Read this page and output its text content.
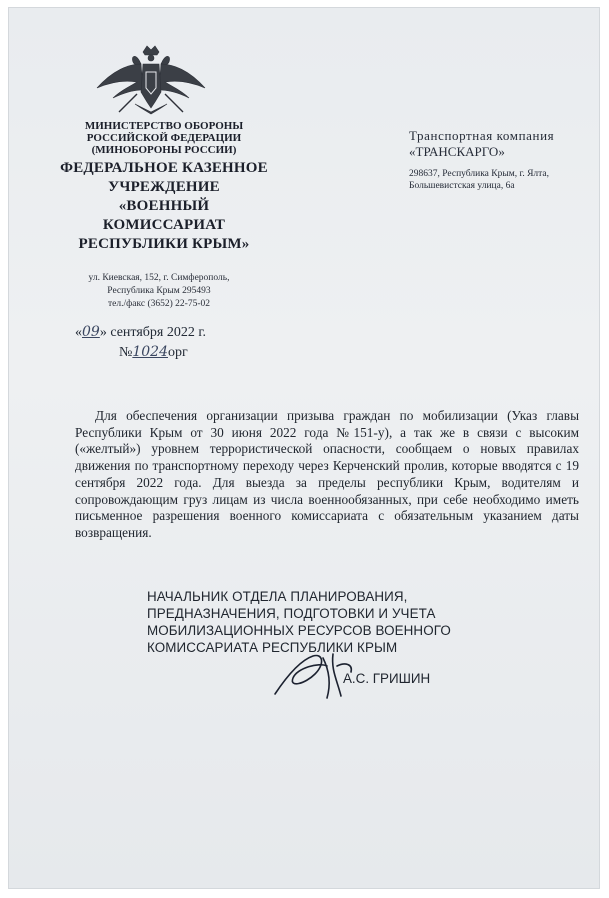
МИНИСТЕРСТВО ОБОРОНЫ
РОССИЙСКОЙ ФЕДЕРАЦИИ
(МИНОБОРОНЫ РОССИИ)
ФЕДЕРАЛЬНОЕ КАЗЕННОЕ
УЧРЕЖДЕНИЕ
«ВОЕННЫЙ
КОМИССАРИАТ
РЕСПУБЛИКИ КРЫМ»
ул. Киевская, 152, г. Симферополь,
Республика Крым 295493
тел./факс (3652) 22-75-02
«09» сентября 2022 г.
№1024орг
Транспортная компания
«ТРАНСКАРГО»
298637, Республика Крым, г. Ялта,
Большевистская улица, 6а

Для обеспечения организации призыва граждан по мобилизации (Указ главы Республики Крым от 30 июня 2022 года №151-у), а так же в связи с высоким («желтый») уровнем террористической опасности, сообщаем о новых правилах движения по транспортному переходу через Керченский пролив, которые вводятся с 19 сентября 2022 года. Для выезда за пределы республики Крым, водителям и сопровождающим груз лицам из числа военнообязанных, при себе необходимо иметь письменное разрешения военного комиссариата с обязательным указанием даты возвращения.

НАЧАЛЬНИК ОТДЕЛА ПЛАНИРОВАНИЯ,
ПРЕДНАЗНАЧЕНИЯ, ПОДГОТОВКИ И УЧЕТА
МОБИЛИЗАЦИОННЫХ РЕСУРСОВ ВОЕННОГО
КОМИССАРИАТА РЕСПУБЛИКИ КРЫМ
А.С. ГРИШИН
